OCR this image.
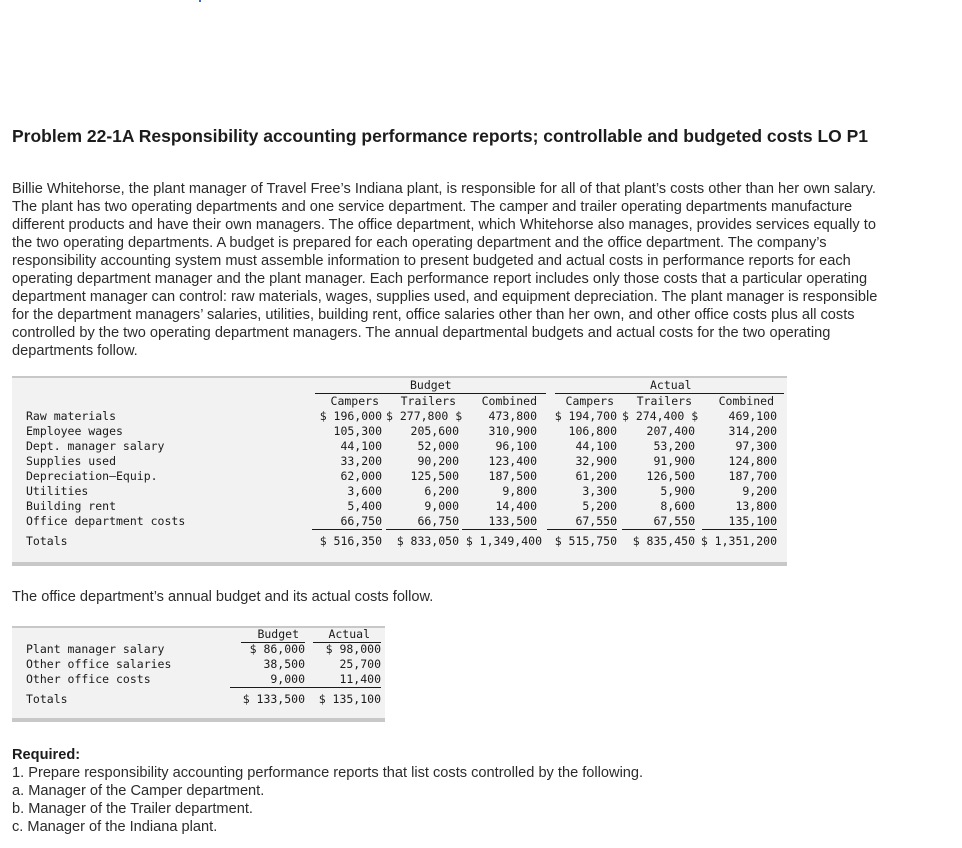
Problem 22-1A Responsibility accounting performance reports; controllable and budgeted costs LO P1
Billie Whitehorse, the plant manager of Travel Free’s Indiana plant, is responsible for all of that plant’s costs other than her own salary.
The plant has two operating departments and one service department. The camper and trailer operating departments manufacture
different products and have their own managers. The office department, which Whitehorse also manages, provides services equally to
the two operating departments. A budget is prepared for each operating department and the office department. The company’s
responsibility accounting system must assemble information to present budgeted and actual costs in performance reports for each
operating department manager and the plant manager. Each performance report includes only those costs that a particular operating
department manager can control: raw materials, wages, supplies used, and equipment depreciation. The plant manager is responsible
for the department managers’ salaries, utilities, building rent, office salaries other than her own, and other office costs plus all costs
controlled by the two operating department managers. The annual departmental budgets and actual costs for the two operating
departments follow.
Budget	Actual
Campers	Trailers	Combined	Campers	Trailers	Combined
Raw materials	$ 196,000 $ 277,800 $	473,800	$ 194,700 $ 274,400 $	469,100
Employee wages	105,300	205,600	310,900	106,800	207,400	314,200
Dept. manager salary	44,100	52,000	96,100	44,100	53,200	97,300
Supplies used	33,200	90,200	123,400	32,900	91,900	124,800
Depreciation—Equip.	62,000	125,500	187,500	61,200	126,500	187,700
Utilities	3,600	6,200	9,800	3,300	5,900	9,200
Building rent	5,400	9,000	14,400	5,200	8,600	13,800
Office department costs	66,750	66,750	133,500	67,550	67,550	135,100
Totals	$ 516,350	$ 833,050 $ 1,349,400	$ 515,750	$ 835,450 $ 1,351,200
The office department’s annual budget and its actual costs follow.
Budget	Actual
Plant manager salary	$ 86,000	$ 98,000
Other office salaries	38,500	25,700
Other office costs	9,000	11,400
Totals	$ 133,500	$ 135,100
Required:
1. Prepare responsibility accounting performance reports that list costs controlled by the following.
a. Manager of the Camper department.
b. Manager of the Trailer department.
c. Manager of the Indiana plant.
